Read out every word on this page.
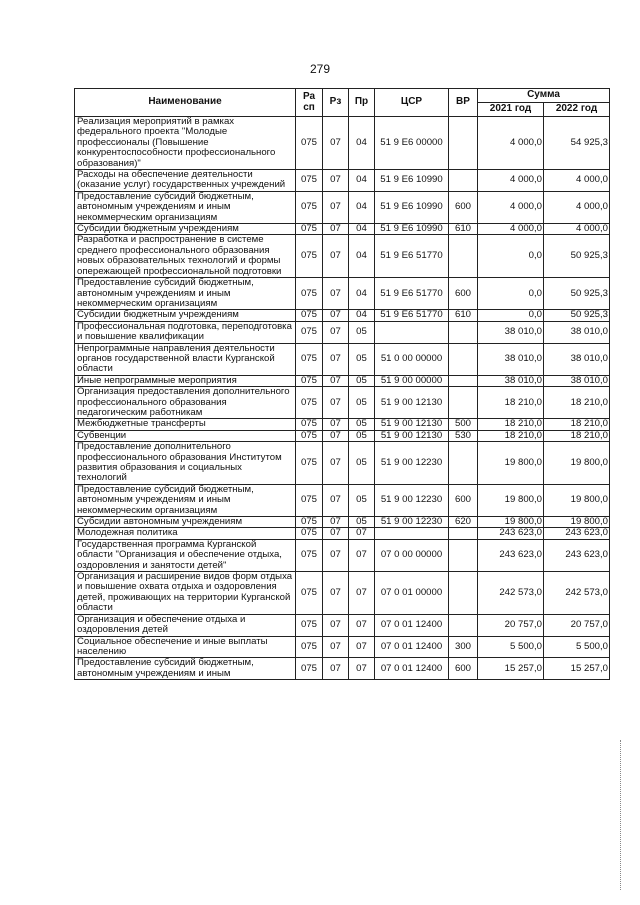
279
Наименование	Ра сп	Рз	Пр	ЦСР	ВР	Сумма	
						2021 год	2022 год
Реализация мероприятий в рамках федерального проекта "Молодые профессионалы (Повышение конкурентоспособности профессионального образования)"	075	07	04	51 9 E6 00000		4 000,0	54 925,3
Расходы на обеспечение деятельности (оказание услуг) государственных учреждений	075	07	04	51 9 E6 10990		4 000,0	4 000,0
Предоставление субсидий бюджетным, автономным учреждениям и иным некоммерческим организациям	075	07	04	51 9 E6 10990	600	4 000,0	4 000,0
Субсидии бюджетным учреждениям	075	07	04	51 9 E6 10990	610	4 000,0	4 000,0
Разработка и распространение в системе среднего профессионального образования новых образовательных технологий и формы опережающей профессиональной подготовки	075	07	04	51 9 E6 51770		0,0	50 925,3
Предоставление субсидий бюджетным, автономным учреждениям и иным некоммерческим организациям	075	07	04	51 9 E6 51770	600	0,0	50 925,3
Субсидии бюджетным учреждениям	075	07	04	51 9 E6 51770	610	0,0	50 925,3
Профессиональная подготовка, переподготовка и повышение квалификации	075	07	05			38 010,0	38 010,0
Непрограммные направления деятельности органов государственной власти Курганской области	075	07	05	51 0 00 00000		38 010,0	38 010,0
Иные непрограммные мероприятия	075	07	05	51 9 00 00000		38 010,0	38 010,0
Организация предоставления дополнительного профессионального образования педагогическим работникам	075	07	05	51 9 00 12130		18 210,0	18 210,0
Межбюджетные трансферты	075	07	05	51 9 00 12130	500	18 210,0	18 210,0
Субвенции	075	07	05	51 9 00 12130	530	18 210,0	18 210,0
Предоставление дополнительного профессионального образования Институтом развития образования и социальных технологий	075	07	05	51 9 00 12230		19 800,0	19 800,0
Предоставление субсидий бюджетным, автономным учреждениям и иным некоммерческим организациям	075	07	05	51 9 00 12230	600	19 800,0	19 800,0
Субсидии автономным учреждениям	075	07	05	51 9 00 12230	620	19 800,0	19 800,0
Молодежная политика	075	07	07			243 623,0	243 623,0
Государственная программа Курганской области "Организация и обеспечение отдыха, оздоровления и занятости детей"	075	07	07	07 0 00 00000		243 623,0	243 623,0
Организация и расширение видов форм отдыха и повышение охвата отдыха и оздоровления детей, проживающих на территории Курганской области	075	07	07	07 0 01 00000		242 573,0	242 573,0
Организация и обеспечение отдыха и оздоровления детей	075	07	07	07 0 01 12400		20 757,0	20 757,0
Социальное обеспечение и иные выплаты населению	075	07	07	07 0 01 12400	300	5 500,0	5 500,0
Предоставление субсидий бюджетным, автономным учреждениям и иным	075	07	07	07 0 01 12400	600	15 257,0	15 257,0
